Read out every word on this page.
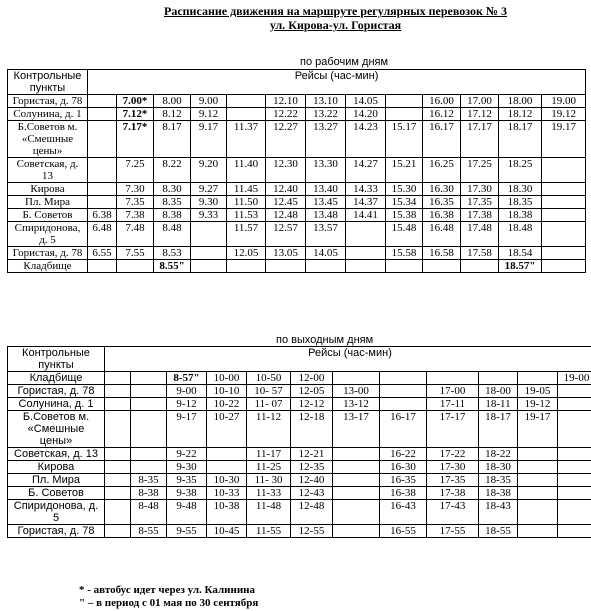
Расписание движения на маршруте регулярных перевозок № 3
ул. Кирова-ул. Гористая
по рабочим дням
Контрольные пункты	Рейсы (час-мин)												
Гористая, д. 78		7.00*	8.00	9.00		12.10	13.10	14.05		16.00	17.00	18.00	19.00
Солунина, д. 1		7.12*	8.12	9.12		12.22	13.22	14.20		16.12	17.12	18.12	19.12
Б.Советов м. «Смешные цены»		7.17*	8.17	9.17	11.37	12.27	13.27	14.23	15.17	16.17	17.17	18.17	19.17
Советская, д. 13		7.25	8.22	9.20	11.40	12.30	13.30	14.27	15.21	16.25	17.25	18.25	
Кирова		7.30	8.30	9.27	11.45	12.40	13.40	14.33	15.30	16.30	17.30	18.30	
Пл. Мира		7.35	8.35	9.30	11.50	12.45	13.45	14.37	15.34	16.35	17.35	18.35	
Б. Советов	6.38	7.38	8.38	9.33	11.53	12.48	13.48	14.41	15.38	16.38	17.38	18.38	
Спиридонова, д. 5	6.48	7.48	8.48		11.57	12.57	13.57		15.48	16.48	17.48	18.48	
Гористая, д. 78	6.55	7.55	8.53		12.05	13.05	14.05		15.58	16.58	17.58	18.54	
Кладбище			8.55"									18.57"	
по выходным дням
Контрольные пункты	Рейсы (час-мин)											
Кладбище			8-57"	10-00	10-50	12-00						19-00
Гористая, д. 78			9-00	10-10	10- 57	12-05	13-00		17-00	18-00	19-05	
Солунина, д. 1			9-12	10-22	11- 07	12-12	13-12		17-11	18-11	19-12	
Б.Советов м. «Смешные цены»			9-17	10-27	11-12	12-18	13-17	16-17	17-17	18-17	19-17	
Советская, д. 13			9-22		11-17	12-21		16-22	17-22	18-22		
Кирова			9-30		11-25	12-35		16-30	17-30	18-30		
Пл. Мира		8-35	9-35	10-30	11- 30	12-40		16-35	17-35	18-35		
Б. Советов		8-38	9-38	10-33	11-33	12-43		16-38	17-38	18-38		
Спиридонова, д. 5		8-48	9-48	10-38	11-48	12-48		16-43	17-43	18-43		
Гористая, д. 78		8-55	9-55	10-45	11-55	12-55		16-55	17-55	18-55		
* - автобус идет через ул. Калинина
" – в период с 01 мая по 30 сентября
